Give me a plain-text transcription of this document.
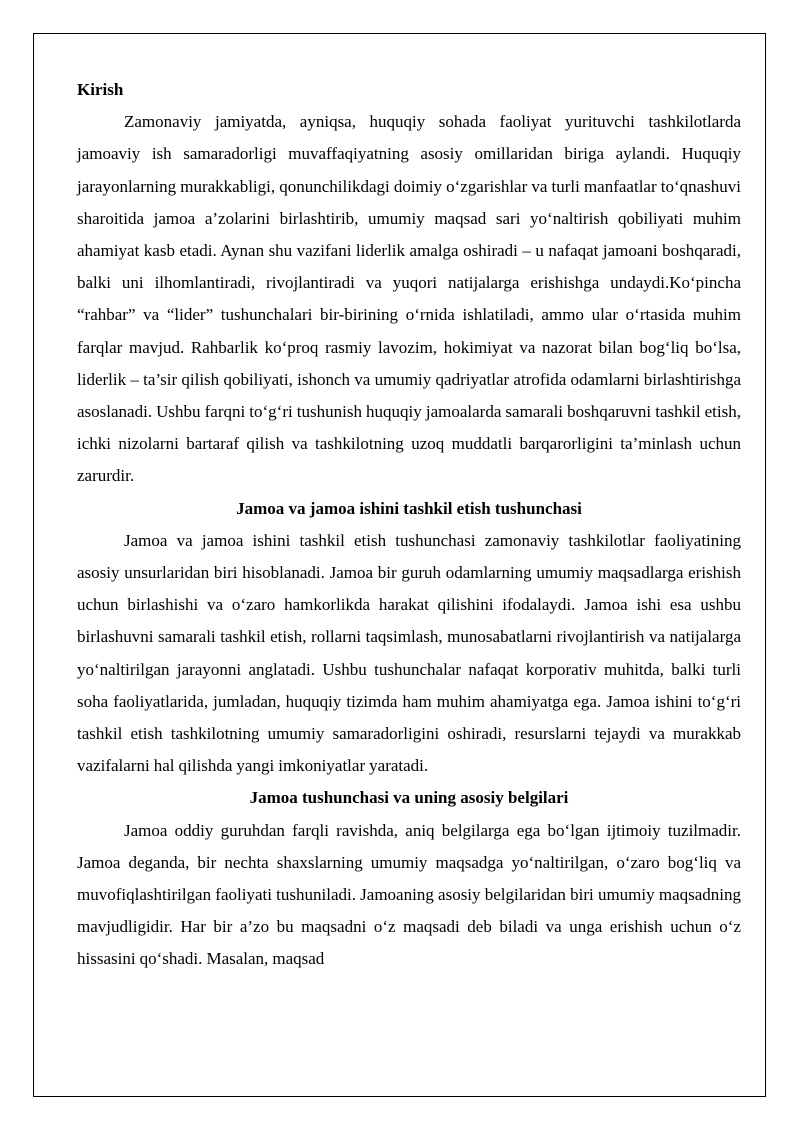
Kirish

Zamonaviy jamiyatda, ayniqsa, huquqiy sohada faoliyat yurituvchi tashkilotlarda jamoaviy ish samaradorligi muvaffaqiyatning asosiy omillaridan biriga aylandi. Huquqiy jarayonlarning murakkabligi, qonunchilikdagi doimiy o‘zgarishlar va turli manfaatlar to‘qnashuvi sharoitida jamoa a’zolarini birlashtirib, umumiy maqsad sari yo‘naltirish qobiliyati muhim ahamiyat kasb etadi. Aynan shu vazifani liderlik amalga oshiradi – u nafaqat jamoani boshqaradi, balki uni ilhomlantiradi, rivojlantiradi va yuqori natijalarga erishishga undaydi.Ko‘pincha “rahbar” va “lider” tushunchalari bir-birining o‘rnida ishlatiladi, ammo ular o‘rtasida muhim farqlar mavjud. Rahbarlik ko‘proq rasmiy lavozim, hokimiyat va nazorat bilan bog‘liq bo‘lsa, liderlik – ta’sir qilish qobiliyati, ishonch va umumiy qadriyatlar atrofida odamlarni birlashtirishga asoslanadi. Ushbu farqni to‘g‘ri tushunish huquqiy jamoalarda samarali boshqaruvni tashkil etish, ichki nizolarni bartaraf qilish va tashkilotning uzoq muddatli barqarorligini ta’minlash uchun zarurdir.

Jamoa va jamoa ishini tashkil etish tushunchasi

Jamoa va jamoa ishini tashkil etish tushunchasi zamonaviy tashkilotlar faoliyatining asosiy unsurlaridan biri hisoblanadi. Jamoa bir guruh odamlarning umumiy maqsadlarga erishish uchun birlashishi va o‘zaro hamkorlikda harakat qilishini ifodalaydi. Jamoa ishi esa ushbu birlashuvni samarali tashkil etish, rollarni taqsimlash, munosabatlarni rivojlantirish va natijalarga yo‘naltirilgan jarayonni anglatadi. Ushbu tushunchalar nafaqat korporativ muhitda, balki turli soha faoliyatlarida, jumladan, huquqiy tizimda ham muhim ahamiyatga ega. Jamoa ishini to‘g‘ri tashkil etish tashkilotning umumiy samaradorligini oshiradi, resurslarni tejaydi va murakkab vazifalarni hal qilishda yangi imkoniyatlar yaratadi.

Jamoa tushunchasi va uning asosiy belgilari

Jamoa oddiy guruhdan farqli ravishda, aniq belgilarga ega bo‘lgan ijtimoiy tuzilmadir. Jamoa deganda, bir nechta shaxslarning umumiy maqsadga yo‘naltirilgan, o‘zaro bog‘liq va muvofiqlashtirilgan faoliyati tushuniladi. Jamoaning asosiy belgilaridan biri umumiy maqsadning mavjudligidir. Har bir a’zo bu maqsadni o‘z maqsadi deb biladi va unga erishish uchun o‘z hissasini qo‘shadi. Masalan, maqsad
